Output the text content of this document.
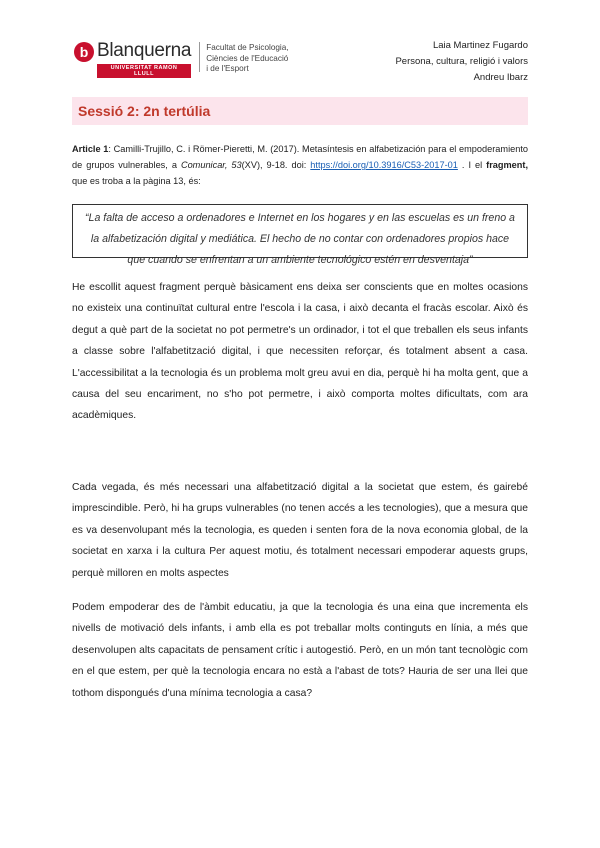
b Blanquerna
UNIVERSITAT RAMON LLULL
Facultat de Psicologia,
Ciències de l'Educació
i de l'Esport
Laia Martinez Fugardo
Persona, cultura, religió i valors
Andreu Ibarz
Sessió 2: 2n tertúlia
Article 1: Camilli-Trujillo, C. i Römer-Pieretti, M. (2017). Metasíntesis en alfabetización para el empoderamiento de grupos vulnerables, a Comunicar, 53(XV), 9-18. doi: https://doi.org/10.3916/C53-2017-01 . I el fragment, que es troba a la pàgina 13, és:
“La falta de acceso a ordenadores e Internet en los hogares y en las escuelas es un freno a la alfabetización digital y mediática. El hecho de no contar con ordenadores propios hace que cuando se enfrentan a un ambiente tecnológico estén en desventaja”
He escollit aquest fragment perquè bàsicament ens deixa ser conscients que en moltes ocasions no existeix una continuïtat cultural entre l'escola i la casa, i això decanta el fracàs escolar. Això és degut a què part de la societat no pot permetre's un ordinador, i tot el que treballen els seus infants a classe sobre l'alfabetització digital, i que necessiten reforçar, és totalment absent a casa. L'accessibilitat a la tecnologia és un problema molt greu avui en dia, perquè hi ha molta gent, que a causa del seu encariment, no s'ho pot permetre, i això comporta moltes dificultats, com ara acadèmiques.
Cada vegada, és més necessari una alfabetització digital a la societat que estem, és gairebé imprescindible. Però, hi ha grups vulnerables (no tenen accés a les tecnologies), que a mesura que es va desenvolupant més la tecnologia, es queden i senten fora de la nova economia global, de la societat en xarxa i la cultura Per aquest motiu, és totalment necessari empoderar aquests grups, perquè milloren en molts aspectes
Podem empoderar des de l'àmbit educatiu, ja que la tecnologia és una eina que incrementa els nivells de motivació dels infants, i amb ella es pot treballar molts continguts en línia, a més que desenvolupen alts capacitats de pensament crític i autogestió. Però, en un món tant tecnològic com en el que estem, per què la tecnologia encara no està a l'abast de tots? Hauria de ser una llei que tothom dispongués d'una mínima tecnologia a casa?
